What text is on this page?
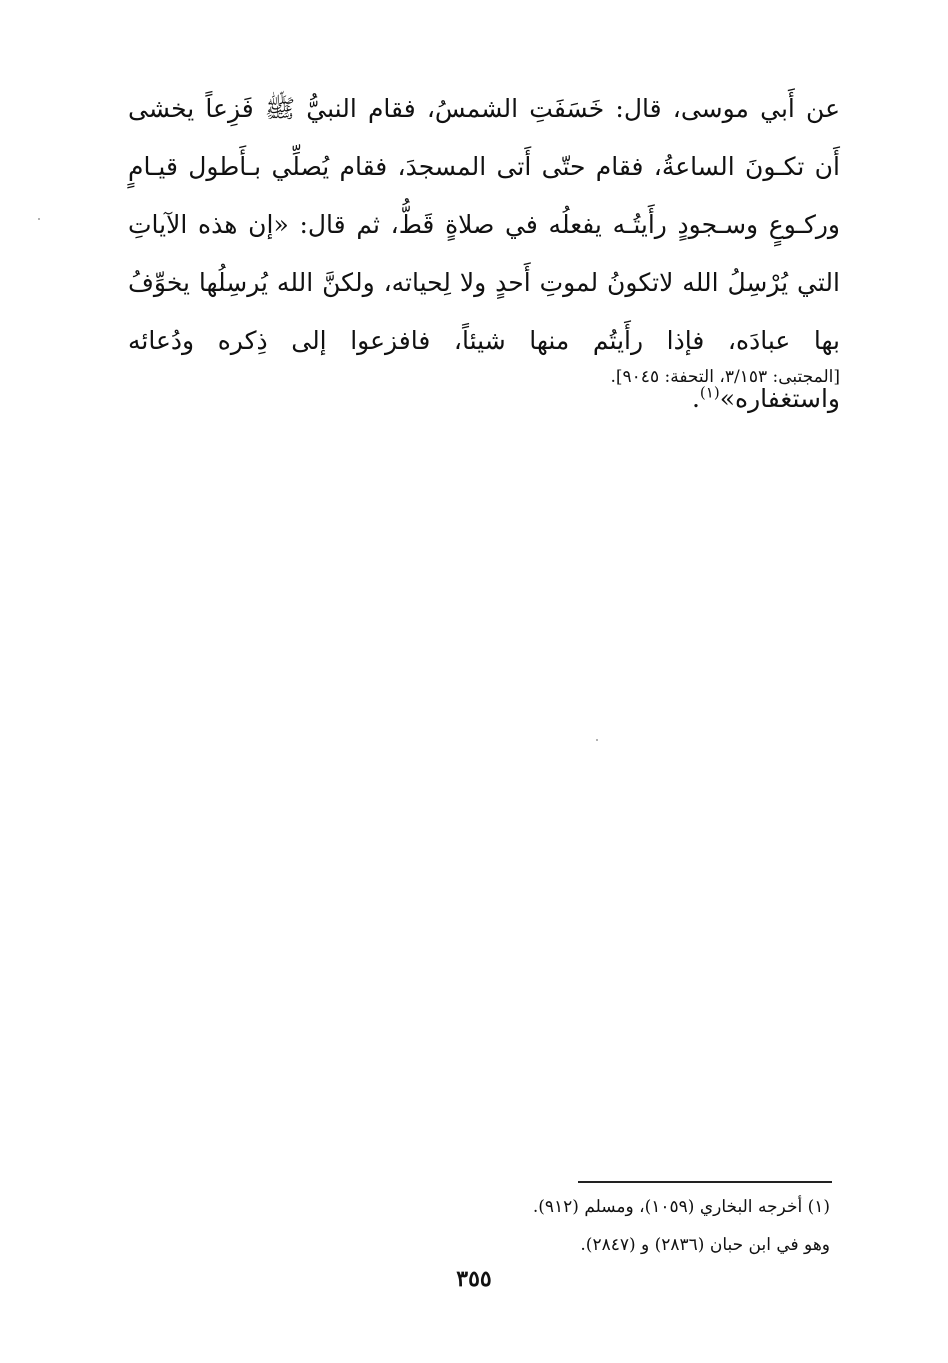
عن أَبي موسى، قال: خَسَفَتِ الشمسُ، فقام النبيُّ ﷺ فَزِعاً يخشى أَن تكـونَ الساعةُ، فقام حتّى أَتى المسجدَ، فقام يُصلِّي بـأَطول قيـامٍ وركـوعٍ وسـجودٍ رأَيتُـه يفعلُه في صلاةٍ قَطُّ، ثم قال: «إن هذه الآياتِ التي يُرْسِلُ الله لاتكونُ لموتِ أَحدٍ ولا لِحياته، ولكنَّ الله يُرسِلُها يخوِّفُ بها عبادَه، فإذا رأَيتُم منها شيئاً، فافزعوا إلى ذِكره ودُعائه واستغفاره»$^{(١)}$.

[المجتبى: ٣/١٥٣، التحفة: ٩٠٤٥].
(١) أخرجه البخاري (١٠٥٩)، ومسلم (٩١٢).
وهو في ابن حبان (٢٨٣٦) و (٢٨٤٧).
٣٥٥
